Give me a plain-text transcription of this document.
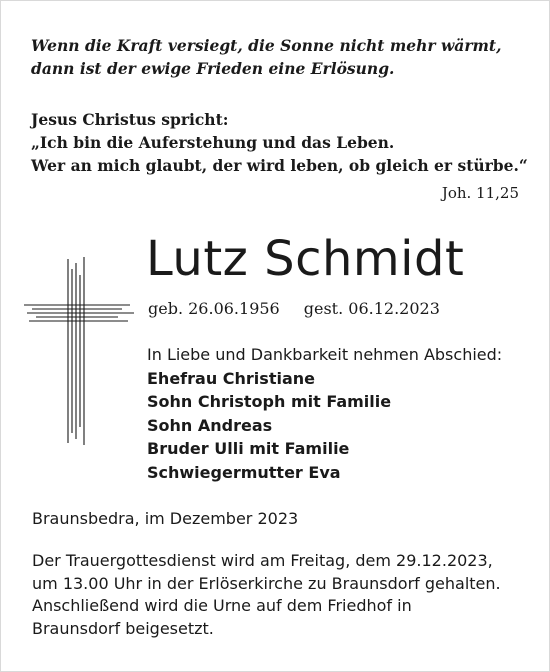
Wenn die Kraft versiegt, die Sonne nicht mehr wärmt,
dann ist der ewige Frieden eine Erlösung.
Jesus Christus spricht:
„Ich bin die Auferstehung und das Leben.
Wer an mich glaubt, der wird leben, ob gleich er stürbe.“
Joh. 11,25
Lutz Schmidt
geb. 26.06.1956 gest. 06.12.2023
In Liebe und Dankbarkeit nehmen Abschied:
Ehefrau Christiane
Sohn Christoph mit Familie
Sohn Andreas
Bruder Ulli mit Familie
Schwiegermutter Eva
Braunsbedra, im Dezember 2023
Der Trauergottesdienst wird am Freitag, dem 29.12.2023,
um 13.00 Uhr in der Erlöserkirche zu Braunsdorf gehalten.
Anschließend wird die Urne auf dem Friedhof in
Braunsdorf beigesetzt.
